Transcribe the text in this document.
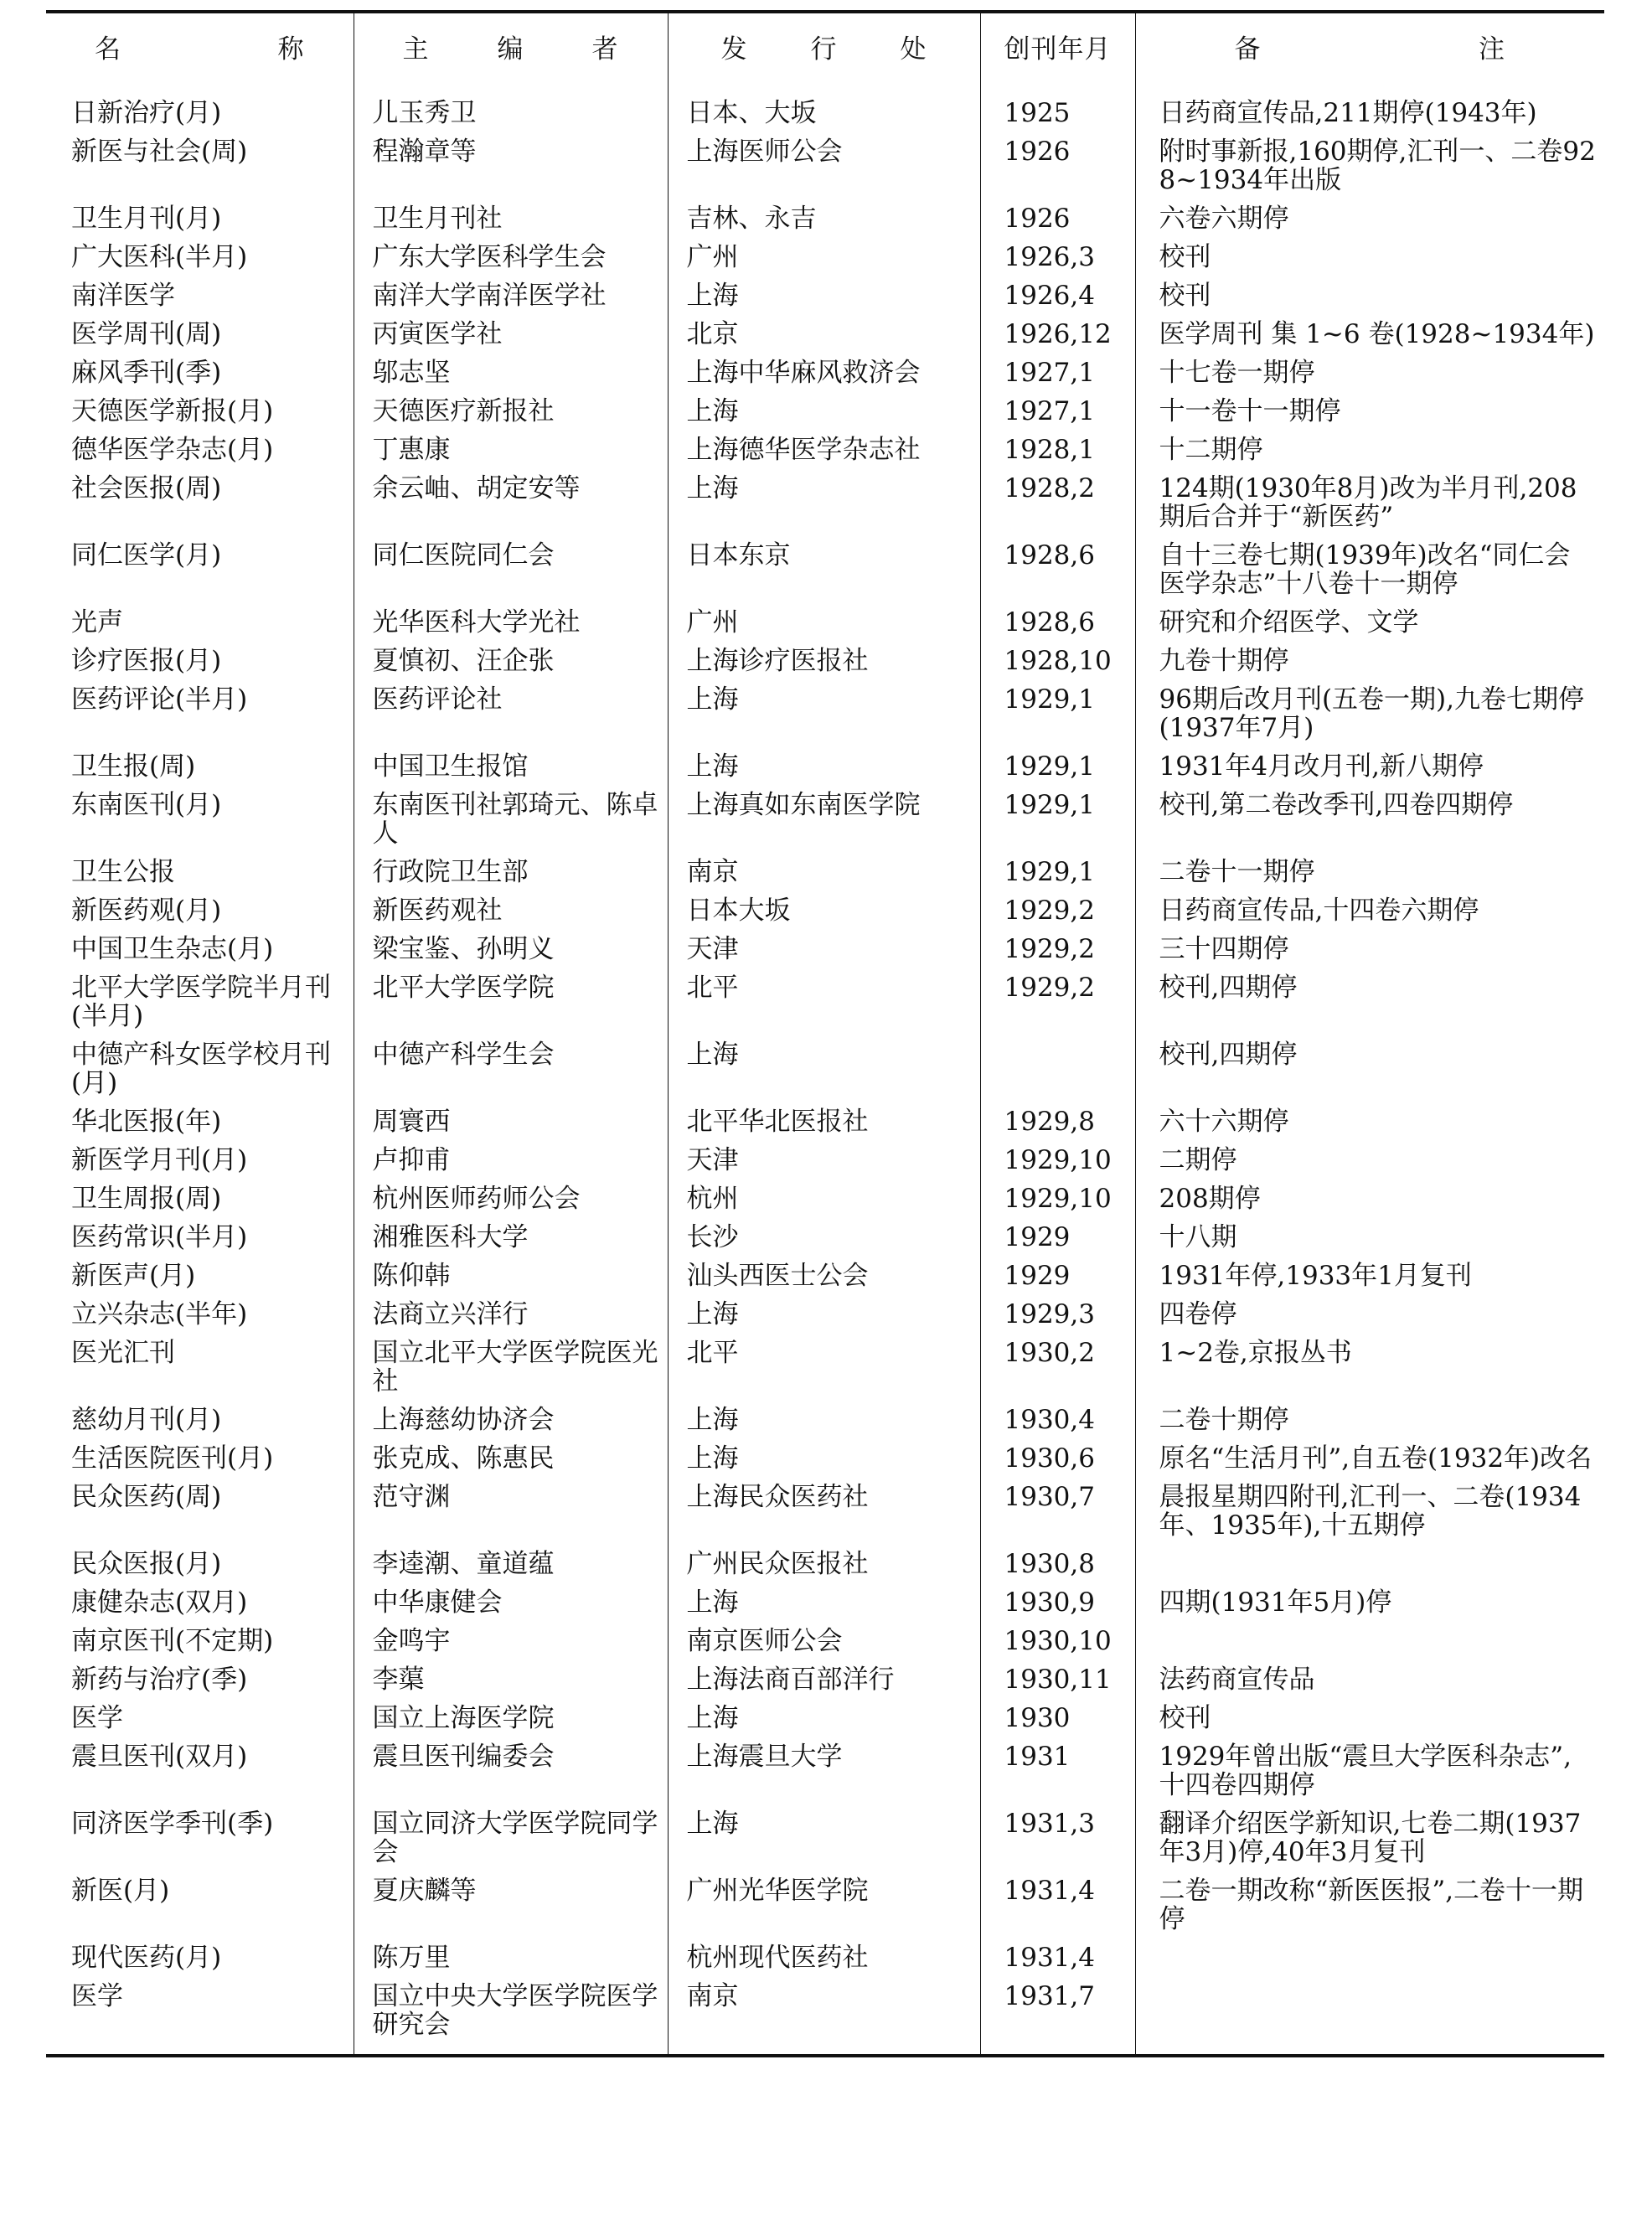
名 称	主 编 者	发 行 处	创刊年月	备 注

日新治疗(月)	儿玉秀卫	日本、大坂	1925	日药商宣传品,211期停(1943年)
新医与社会(周)	程瀚章等	上海医师公会	1926	附时事新报,160期停,汇刊一、二卷928~1934年出版
卫生月刊(月)	卫生月刊社	吉林、永吉	1926	六卷六期停
广大医科(半月)	广东大学医科学生会	广州	1926,3	校刊
南洋医学	南洋大学南洋医学社	上海	1926,4	校刊
医学周刊(周)	丙寅医学社	北京	1926,12	医学周刊 集 1~6 卷(1928~1934年)
麻风季刊(季)	邬志坚	上海中华麻风救济会	1927,1	十七卷一期停
天德医学新报(月)	天德医疗新报社	上海	1927,1	十一卷十一期停
德华医学杂志(月)	丁惠康	上海德华医学杂志社	1928,1	十二期停
社会医报(周)	余云岫、胡定安等	上海	1928,2	124期(1930年8月)改为半月刊,208期后合并于“新医药”
同仁医学(月)	同仁医院同仁会	日本东京	1928,6	自十三卷七期(1939年)改名“同仁会医学杂志”十八卷十一期停
光声	光华医科大学光社	广州	1928,6	研究和介绍医学、文学
诊疗医报(月)	夏慎初、汪企张	上海诊疗医报社	1928,10	九卷十期停
医药评论(半月)	医药评论社	上海	1929,1	96期后改月刊(五卷一期),九卷七期停(1937年7月)
卫生报(周)	中国卫生报馆	上海	1929,1	1931年4月改月刊,新八期停
东南医刊(月)	东南医刊社郭琦元、陈卓人	上海真如东南医学院	1929,1	校刊,第二卷改季刊,四卷四期停
卫生公报	行政院卫生部	南京	1929,1	二卷十一期停
新医药观(月)	新医药观社	日本大坂	1929,2	日药商宣传品,十四卷六期停
中国卫生杂志(月)	梁宝鉴、孙明义	天津	1929,2	三十四期停
北平大学医学院半月刊(半月)	北平大学医学院	北平	1929,2	校刊,四期停
中德产科女医学校月刊(月)	中德产科学生会	上海		校刊,四期停
华北医报(年)	周寰西	北平华北医报社	1929,8	六十六期停
新医学月刊(月)	卢抑甫	天津	1929,10	二期停
卫生周报(周)	杭州医师药师公会	杭州	1929,10	208期停
医药常识(半月)	湘雅医科大学	长沙	1929	十八期
新医声(月)	陈仰韩	汕头西医士公会	1929	1931年停,1933年1月复刊
立兴杂志(半年)	法商立兴洋行	上海	1929,3	四卷停
医光汇刊	国立北平大学医学院医光社	北平	1930,2	1~2卷,京报丛书
慈幼月刊(月)	上海慈幼协济会	上海	1930,4	二卷十期停
生活医院医刊(月)	张克成、陈惠民	上海	1930,6	原名“生活月刊”,自五卷(1932年)改名
民众医药(周)	范守渊	上海民众医药社	1930,7	晨报星期四附刊,汇刊一、二卷(1934年、1935年),十五期停
民众医报(月)	李逵潮、童道蕴	广州民众医报社	1930,8	
康健杂志(双月)	中华康健会	上海	1930,9	四期(1931年5月)停
南京医刊(不定期)	金鸣宇	南京医师公会	1930,10	
新药与治疗(季)	李蕖	上海法商百部洋行	1930,11	法药商宣传品
医学	国立上海医学院	上海	1930	校刊
震旦医刊(双月)	震旦医刊编委会	上海震旦大学	1931	1929年曾出版“震旦大学医科杂志”,十四卷四期停
同济医学季刊(季)	国立同济大学医学院同学会	上海	1931,3	翻译介绍医学新知识,七卷二期(1937年3月)停,40年3月复刊
新医(月)	夏庆麟等	广州光华医学院	1931,4	二卷一期改称“新医医报”,二卷十一期停
现代医药(月)	陈万里	杭州现代医药社	1931,4	
医学	国立中央大学医学院医学研究会	南京	1931,7	
